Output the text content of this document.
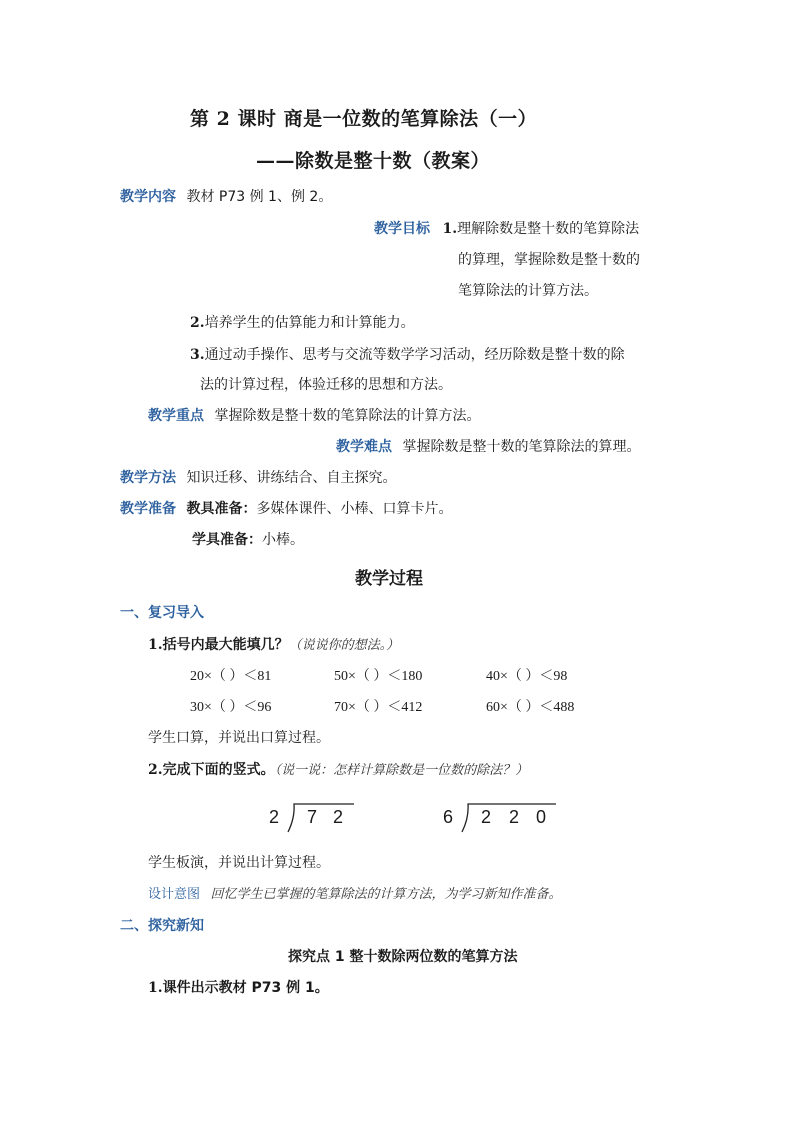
第 2 课时 商是一位数的笔算除法（一）
——除数是整十数（教案）
教学内容 教材 P73 例 1、例 2。
教学目标 1.理解除数是整十数的笔算除法
的算理，掌握除数是整十数的
笔算除法的计算方法。
2.培养学生的估算能力和计算能力。
3.通过动手操作、思考与交流等数学学习活动，经历除数是整十数的除
法的计算过程，体验迁移的思想和方法。
教学重点 掌握除数是整十数的笔算除法的计算方法。
教学难点 掌握除数是整十数的笔算除法的算理。
教学方法 知识迁移、讲练结合、自主探究。
教学准备 教具准备：多媒体课件、小棒、口算卡片。
学具准备：小棒。
教学过程
一、复习导入
1.括号内最大能填几？（说说你的想法。）
20×（ ）＜81	50×（ ）＜180	40×（ ）＜98
30×（ ）＜96	70×（ ）＜412	60×（ ）＜488
学生口算，并说出口算过程。
2.完成下面的竖式。（说一说：怎样计算除数是一位数的除法？）
2 7 2	6 2 2 0
学生板演，并说出计算过程。
设计意图 回忆学生已掌握的笔算除法的计算方法，为学习新知作准备。
二、探究新知
探究点 1 整十数除两位数的笔算方法
1.课件出示教材 P73 例 1。
